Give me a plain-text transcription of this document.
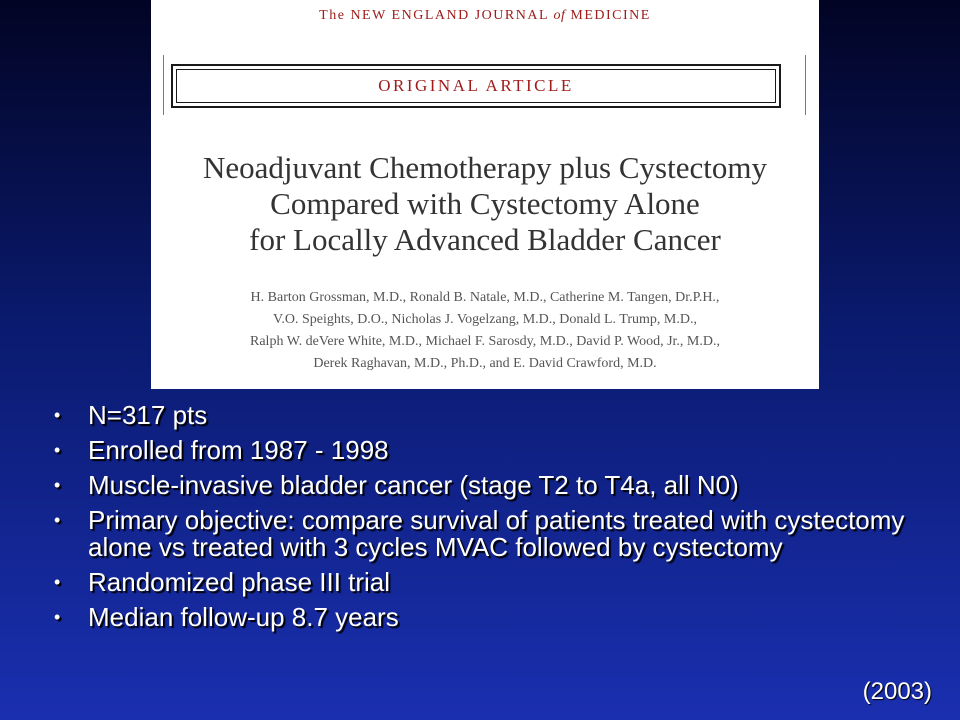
The NEW ENGLAND JOURNAL of MEDICINE
ORIGINAL ARTICLE
Neoadjuvant Chemotherapy plus Cystectomy
Compared with Cystectomy Alone
for Locally Advanced Bladder Cancer
H. Barton Grossman, M.D., Ronald B. Natale, M.D., Catherine M. Tangen, Dr.P.H.,
V.O. Speights, D.O., Nicholas J. Vogelzang, M.D., Donald L. Trump, M.D.,
Ralph W. deVere White, M.D., Michael F. Sarosdy, M.D., David P. Wood, Jr., M.D.,
Derek Raghavan, M.D., Ph.D., and E. David Crawford, M.D.
• N=317 pts
• Enrolled from 1987 - 1998
• Muscle-invasive bladder cancer (stage T2 to T4a, all N0)
• Primary objective: compare survival of patients treated with cystectomy alone vs treated with 3 cycles MVAC followed by cystectomy
• Randomized phase III trial
• Median follow-up 8.7 years
(2003)
